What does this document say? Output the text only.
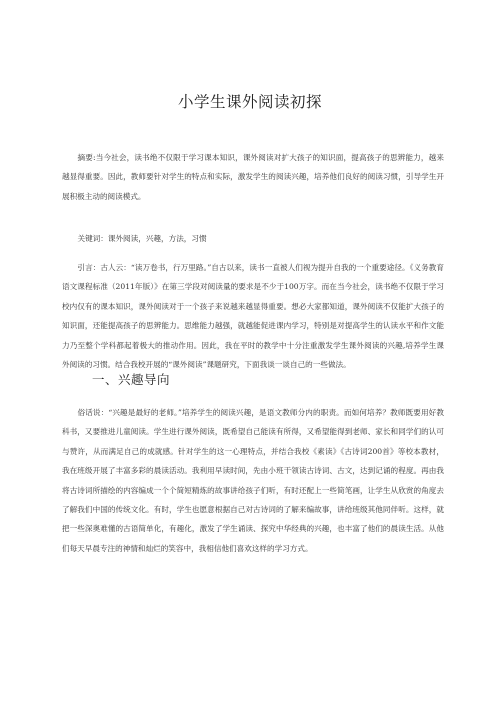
小学生课外阅读初探

摘要:当今社会，读书绝不仅限于学习课本知识，课外阅读对扩大孩子的知识面，提高孩子的思辨能力，越来越显得重要。因此，教师要针对学生的特点和实际，激发学生的阅读兴趣，培养他们良好的阅读习惯，引导学生开展积极主动的阅读模式。

关键词：课外阅读，兴趣，方法，习惯

引言：古人云：“读万卷书，行万里路。”自古以来，读书一直被人们视为提升自我的一个重要途径。《义务教育语文课程标准（2011年版）》在第三学段对阅读量的要求是不少于100万字。而在当今社会，读书绝不仅限于学习校内仅有的课本知识，课外阅读对于一个孩子来说越来越显得重要。想必大家都知道，课外阅读不仅能扩大孩子的知识面，还能提高孩子的思辨能力。思维能力越强，就越能促进课内学习，特别是对提高学生的认读水平和作文能力乃至整个学科都起着极大的推动作用。因此，我在平时的教学中十分注重激发学生课外阅读的兴趣,培养学生课外阅读的习惯。结合我校开展的“课外阅读”课题研究，下面我谈一谈自己的一些做法。

一、兴趣导向

俗话说：“兴趣是最好的老师。”培养学生的阅读兴趣，是语文教师分内的职责。而如何培养？教师既要用好教科书，又要推进儿童阅读。学生进行课外阅读，既希望自己能读有所得，又希望能得到老师、家长和同学们的认可与赞许，从而满足自己的成就感。针对学生的这一心理特点，并结合我校《素读》《古诗词200首》等校本教材，我在班级开展了丰富多彩的晨读活动。我利用早读时间，先由小班干领读古诗词、古文，达到记诵的程度。再由我将古诗词所描绘的内容编成一个个简短精炼的故事讲给孩子们听，有时还配上一些简笔画，让学生从欣赏的角度去了解我们中国的传统文化。有时，学生也愿意根据自己对古诗词的了解来编故事，讲给班级其他同伴听。这样，就把一些深奥难懂的古语简单化，有趣化，激发了学生诵读、探究中华经典的兴趣，也丰富了他们的晨读生活。从他们每天早晨专注的神情和灿烂的笑容中，我相信他们喜欢这样的学习方式。
